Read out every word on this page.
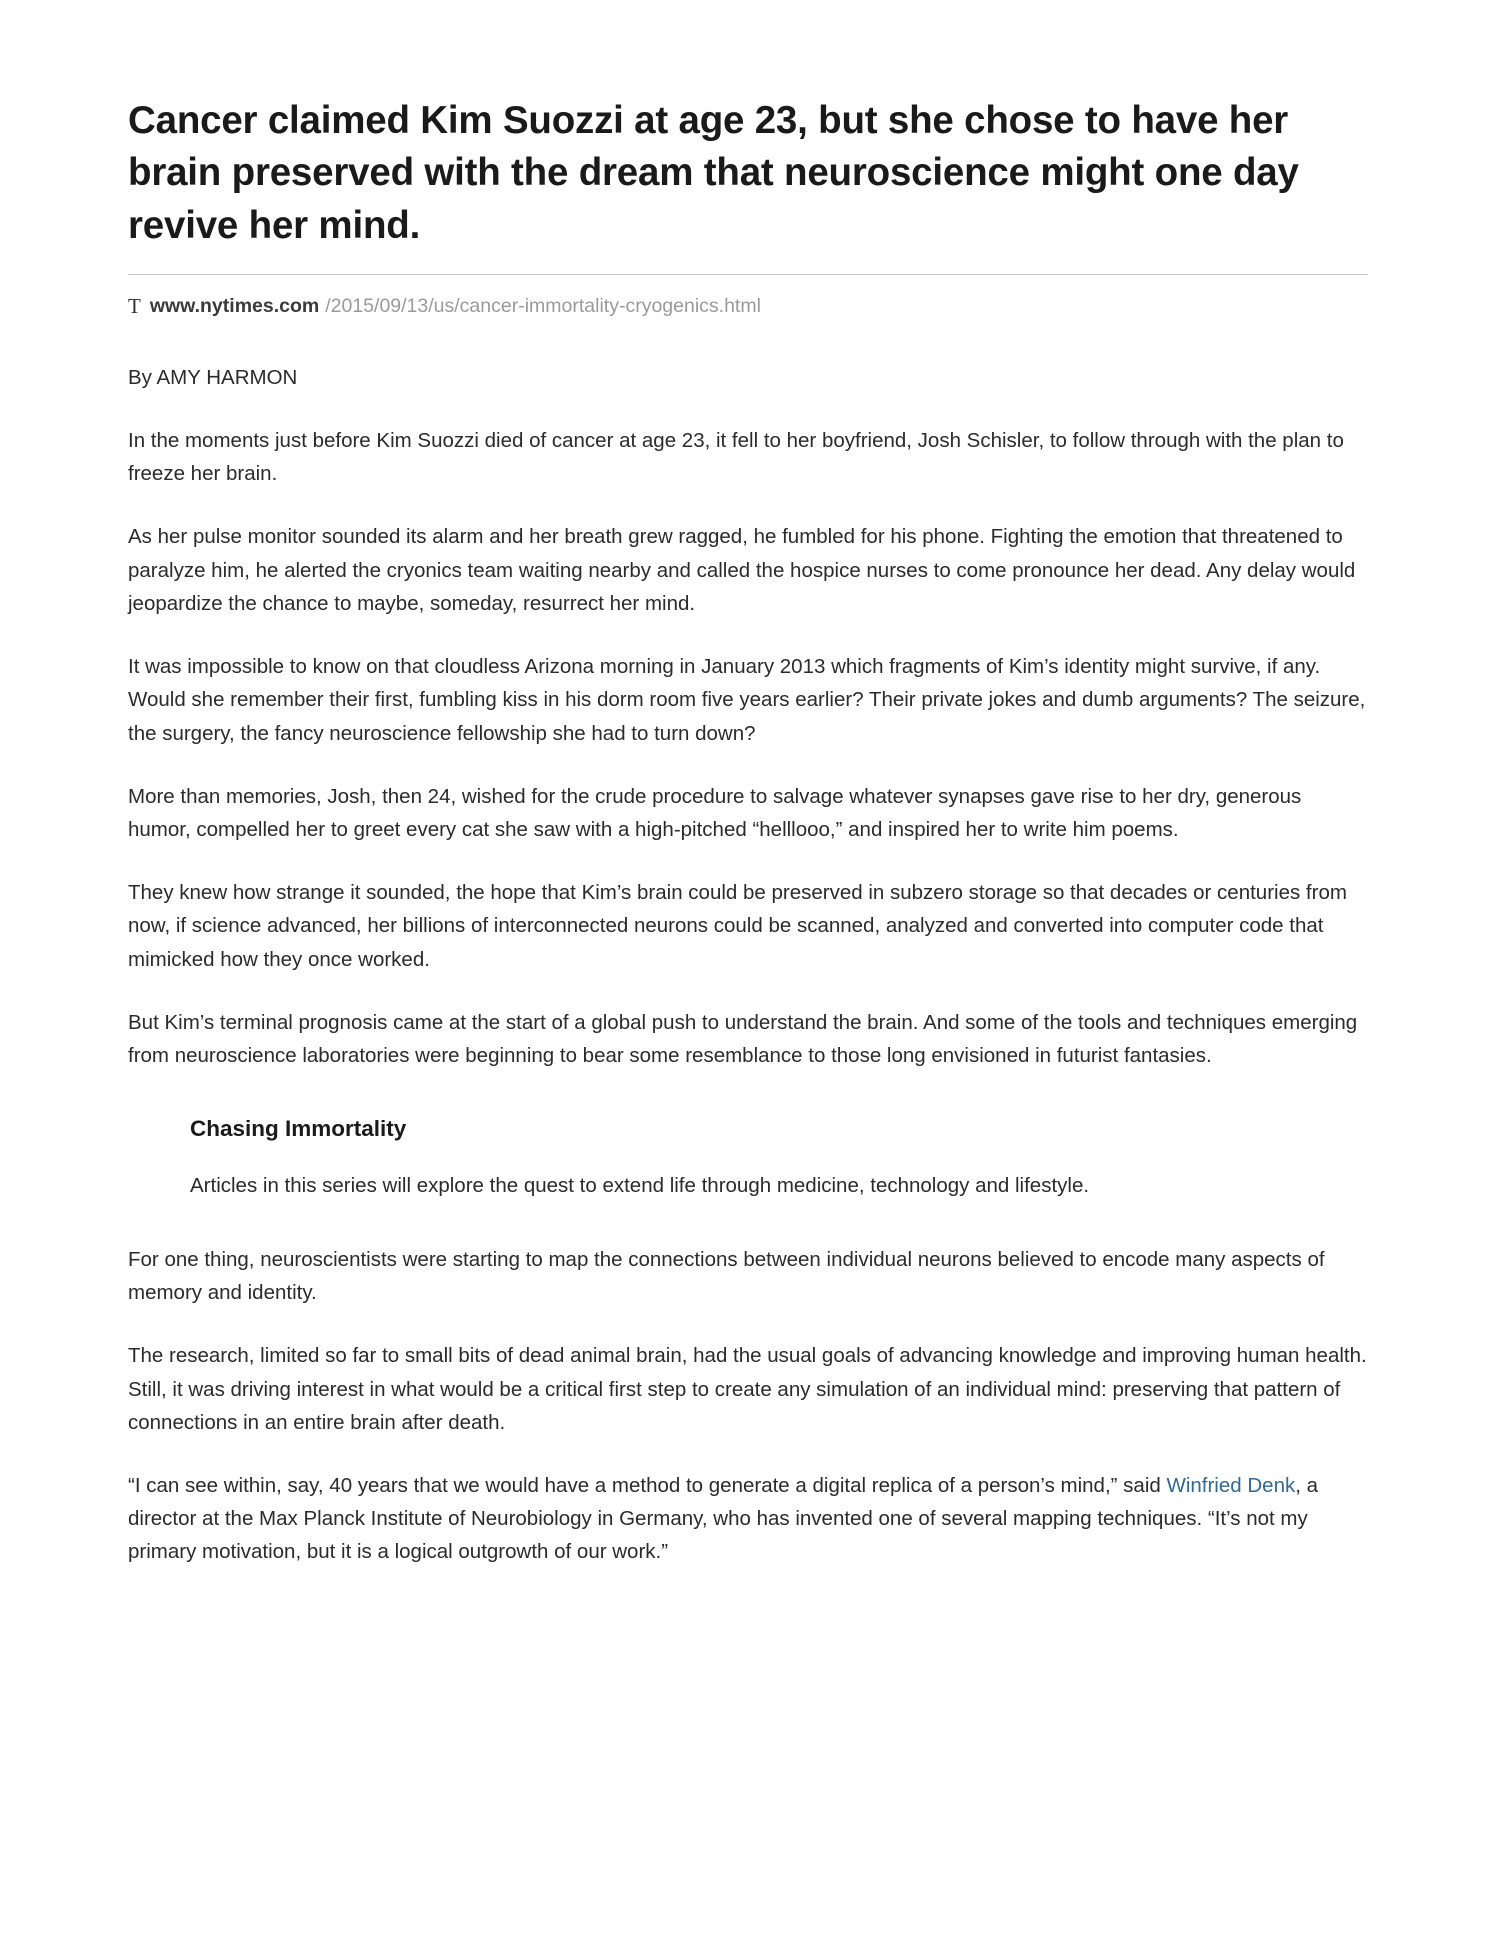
Cancer claimed Kim Suozzi at age 23, but she chose to have her brain preserved with the dream that neuroscience might one day revive her mind.
T www.nytimes.com /2015/09/13/us/cancer-immortality-cryogenics.html
By AMY HARMON

In the moments just before Kim Suozzi died of cancer at age 23, it fell to her boyfriend, Josh Schisler, to follow through with the plan to freeze her brain.

As her pulse monitor sounded its alarm and her breath grew ragged, he fumbled for his phone. Fighting the emotion that threatened to paralyze him, he alerted the cryonics team waiting nearby and called the hospice nurses to come pronounce her dead. Any delay would jeopardize the chance to maybe, someday, resurrect her mind.

It was impossible to know on that cloudless Arizona morning in January 2013 which fragments of Kim’s identity might survive, if any. Would she remember their first, fumbling kiss in his dorm room five years earlier? Their private jokes and dumb arguments? The seizure, the surgery, the fancy neuroscience fellowship she had to turn down?

More than memories, Josh, then 24, wished for the crude procedure to salvage whatever synapses gave rise to her dry, generous humor, compelled her to greet every cat she saw with a high-pitched “helllooo,” and inspired her to write him poems.

They knew how strange it sounded, the hope that Kim’s brain could be preserved in subzero storage so that decades or centuries from now, if science advanced, her billions of interconnected neurons could be scanned, analyzed and converted into computer code that mimicked how they once worked.

But Kim’s terminal prognosis came at the start of a global push to understand the brain. And some of the tools and techniques emerging from neuroscience laboratories were beginning to bear some resemblance to those long envisioned in futurist fantasies.

Chasing Immortality

Articles in this series will explore the quest to extend life through medicine, technology and lifestyle.

For one thing, neuroscientists were starting to map the connections between individual neurons believed to encode many aspects of memory and identity.

The research, limited so far to small bits of dead animal brain, had the usual goals of advancing knowledge and improving human health. Still, it was driving interest in what would be a critical first step to create any simulation of an individual mind: preserving that pattern of connections in an entire brain after death.

“I can see within, say, 40 years that we would have a method to generate a digital replica of a person’s mind,” said Winfried Denk, a director at the Max Planck Institute of Neurobiology in Germany, who has invented one of several mapping techniques. “It’s not my primary motivation, but it is a logical outgrowth of our work.”
